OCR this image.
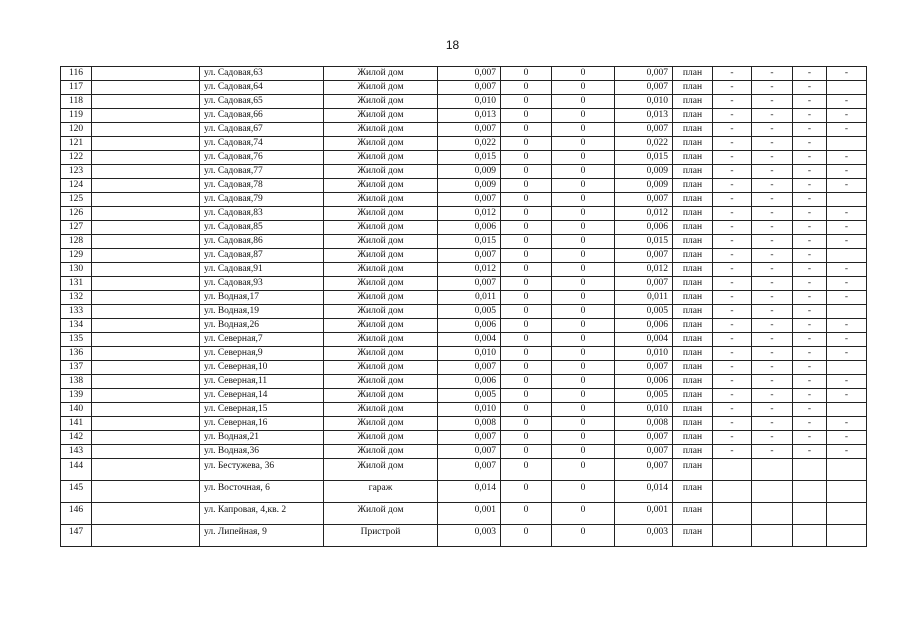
18
116		ул. Садовая,63	Жилой дом	0,007	0	0	0,007	план	-	-	-	-
117		ул. Садовая,64	Жилой дом	0,007	0	0	0,007	план	-	-	-	
118		ул. Садовая,65	Жилой дом	0,010	0	0	0,010	план	-	-	-	-
119		ул. Садовая,66	Жилой дом	0,013	0	0	0,013	план	-	-	-	-
120		ул. Садовая,67	Жилой дом	0,007	0	0	0,007	план	-	-	-	-
121		ул. Садовая,74	Жилой дом	0,022	0	0	0,022	план	-	-	-	
122		ул. Садовая,76	Жилой дом	0,015	0	0	0,015	план	-	-	-	-
123		ул. Садовая,77	Жилой дом	0,009	0	0	0,009	план	-	-	-	-
124		ул. Садовая,78	Жилой дом	0,009	0	0	0,009	план	-	-	-	-
125		ул. Садовая,79	Жилой дом	0,007	0	0	0,007	план	-	-	-	
126		ул. Садовая,83	Жилой дом	0,012	0	0	0,012	план	-	-	-	-
127		ул. Садовая,85	Жилой дом	0,006	0	0	0,006	план	-	-	-	-
128		ул. Садовая,86	Жилой дом	0,015	0	0	0,015	план	-	-	-	-
129		ул. Садовая,87	Жилой дом	0,007	0	0	0,007	план	-	-	-	
130		ул. Садовая,91	Жилой дом	0,012	0	0	0,012	план	-	-	-	-
131		ул. Садовая,93	Жилой дом	0,007	0	0	0,007	план	-	-	-	-
132		ул. Водная,17	Жилой дом	0,011	0	0	0,011	план	-	-	-	-
133		ул. Водная,19	Жилой дом	0,005	0	0	0,005	план	-	-	-	
134		ул. Водная,26	Жилой дом	0,006	0	0	0,006	план	-	-	-	-
135		ул. Северная,7	Жилой дом	0,004	0	0	0,004	план	-	-	-	-
136		ул. Северная,9	Жилой дом	0,010	0	0	0,010	план	-	-	-	-
137		ул. Северная,10	Жилой дом	0,007	0	0	0,007	план	-	-	-	
138		ул. Северная,11	Жилой дом	0,006	0	0	0,006	план	-	-	-	-
139		ул. Северная,14	Жилой дом	0,005	0	0	0,005	план	-	-	-	-
140		ул. Северная,15	Жилой дом	0,010	0	0	0,010	план	-	-	-	
141		ул. Северная,16	Жилой дом	0,008	0	0	0,008	план	-	-	-	-
142		ул. Водная,21	Жилой дом	0,007	0	0	0,007	план	-	-	-	-
143		ул. Водная,36	Жилой дом	0,007	0	0	0,007	план	-	-	-	-
144		ул. Бестужева, 36	Жилой дом	0,007	0	0	0,007	план				
145		ул. Восточная, 6	гараж	0,014	0	0	0,014	план				
146		ул. Капровая, 4,кв. 2	Жилой дом	0,001	0	0	0,001	план				
147		ул. Липейная, 9	Пристрой	0,003	0	0	0,003	план				
